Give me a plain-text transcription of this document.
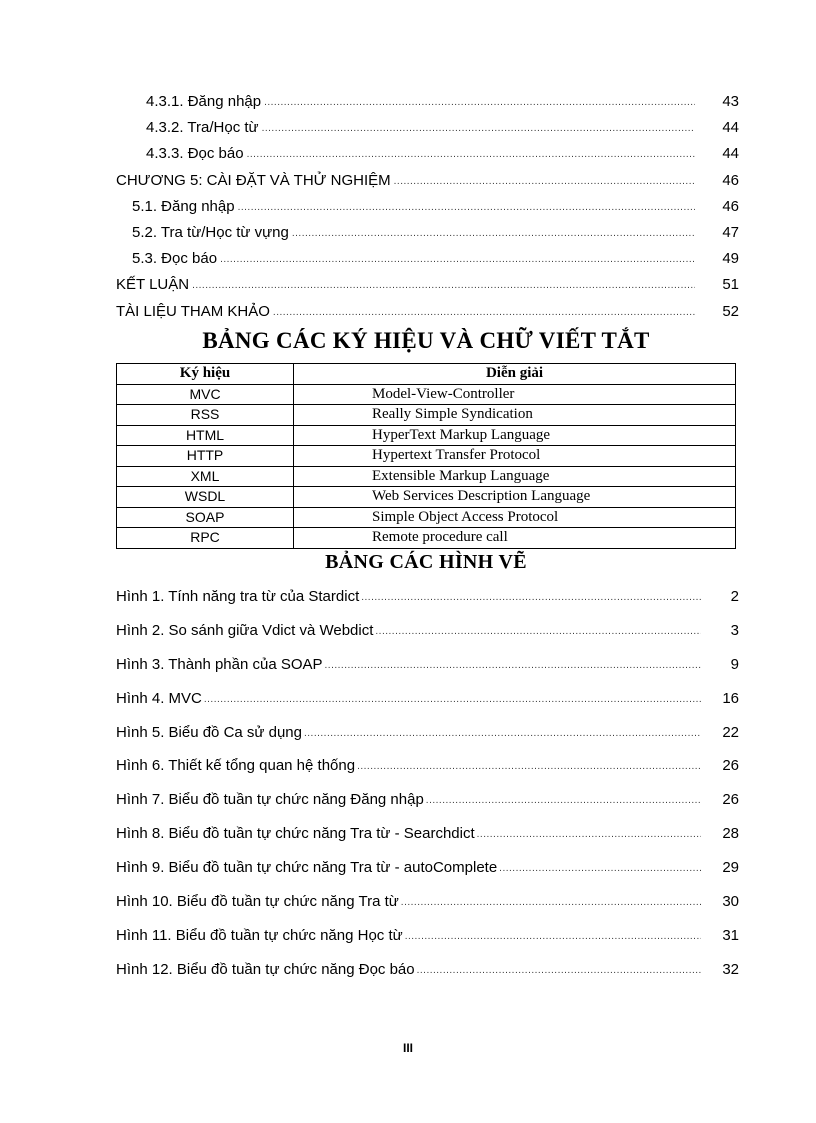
4.3.1. Đăng nhập .....	43
4.3.2. Tra/Học từ .....	44
4.3.3. Đọc báo .....	44
CHƯƠNG 5: CÀI ĐẶT VÀ THỬ NGHIỆM .....	46
5.1. Đăng nhập .....	46
5.2. Tra từ/Học từ vựng .....	47
5.3. Đọc báo .....	49
KẾT LUẬN .....	51
TÀI LIỆU THAM KHẢO .....	52
BẢNG CÁC KÝ HIỆU VÀ CHỮ VIẾT TẮT
Ký hiệu	Diễn giải
MVC	Model-View-Controller
RSS	Really Simple Syndication
HTML	HyperText Markup Language
HTTP	Hypertext Transfer Protocol
XML	Extensible Markup Language
WSDL	Web Services Description Language
SOAP	Simple Object Access Protocol
RPC	Remote procedure call
BẢNG CÁC HÌNH VẼ
Hình 1. Tính năng tra từ của Stardict .....	2
Hình 2. So sánh giữa Vdict và Webdict .....	3
Hình 3. Thành phần của SOAP .....	9
Hình 4. MVC .....	16
Hình 5. Biểu đồ Ca sử dụng .....	22
Hình 6. Thiết kế tổng quan hệ thống .....	26
Hình 7. Biểu đồ tuần tự chức năng Đăng nhập .....	26
Hình 8. Biểu đồ tuần tự chức năng Tra từ - Searchdict .....	28
Hình 9. Biểu đồ tuần tự chức năng Tra từ - autoComplete .....	29
Hình 10. Biểu đồ tuần tự chức năng Tra từ .....	30
Hình 11. Biểu đồ tuần tự chức năng Học từ .....	31
Hình 12. Biểu đồ tuần tự chức năng Đọc báo .....	32
III
